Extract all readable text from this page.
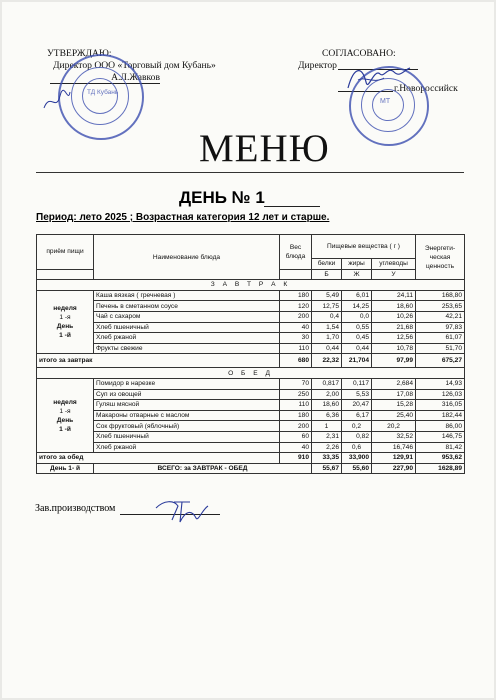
УТВЕРЖДАЮ:
Директор ООО «Торговый дом Кубань»
А.Л.Жавков
СОГЛАСОВАНО:
Директор
г.Новороссийск
ТД Кубань
МТ
МЕНЮ
ДЕНЬ № 1
Период: лето 2025 ; Возрастная категория 12 лет и старше.
приём пищи	Наименование блюда	Вес блюда	Пищевые вещества ( г )			Энергети-ческая ценность
			белки	жиры	углеводы	
			Б	Ж	У	
З А В Т Р А К						

неделя
1 -я
День
1 -й	Каша вязкая ( гречневая )	180	5,49	6,01	24,11	168,80
	Печень в сметанном соусе	120	12,75	14,25	18,60	253,65
	Чай с сахаром	200	0,4	0,0	10,26	42,21
	Хлеб пшеничный	40	1,54	0,55	21,68	97,83
	Хлеб ржаной	30	1,70	0,45	12,56	61,07
	Фрукты свежие	110	0,44	0,44	10,78	51,70
итого за завтрак		680	22,32	21,704	97,99	675,27
О Б Е Д						

неделя
1 -я
День
1 -й	Помидор в нарезке	70	0,817	0,117	2,684	14,93
	Суп из овощей	250	2,00	5,53	17,08	126,03
	Гуляш мясной	110	18,60	20,47	15,28	316,05
	Макароны отварные с маслом	180	6,36	6,17	25,40	182,44
	Сок фруктовый (яблочный)	200	1	0,2	20,2	86,00
	Хлеб пшеничный	60	2,31	0,82	32,52	146,75
	Хлеб ржаной	40	2,26	0,6	16,746	81,42
итого за обед		910	33,35	33,900	129,91	953,62
День 1- й	ВСЕГО: за ЗАВТРАК - ОБЕД		55,67	55,60	227,90	1628,89
Зав.производством
